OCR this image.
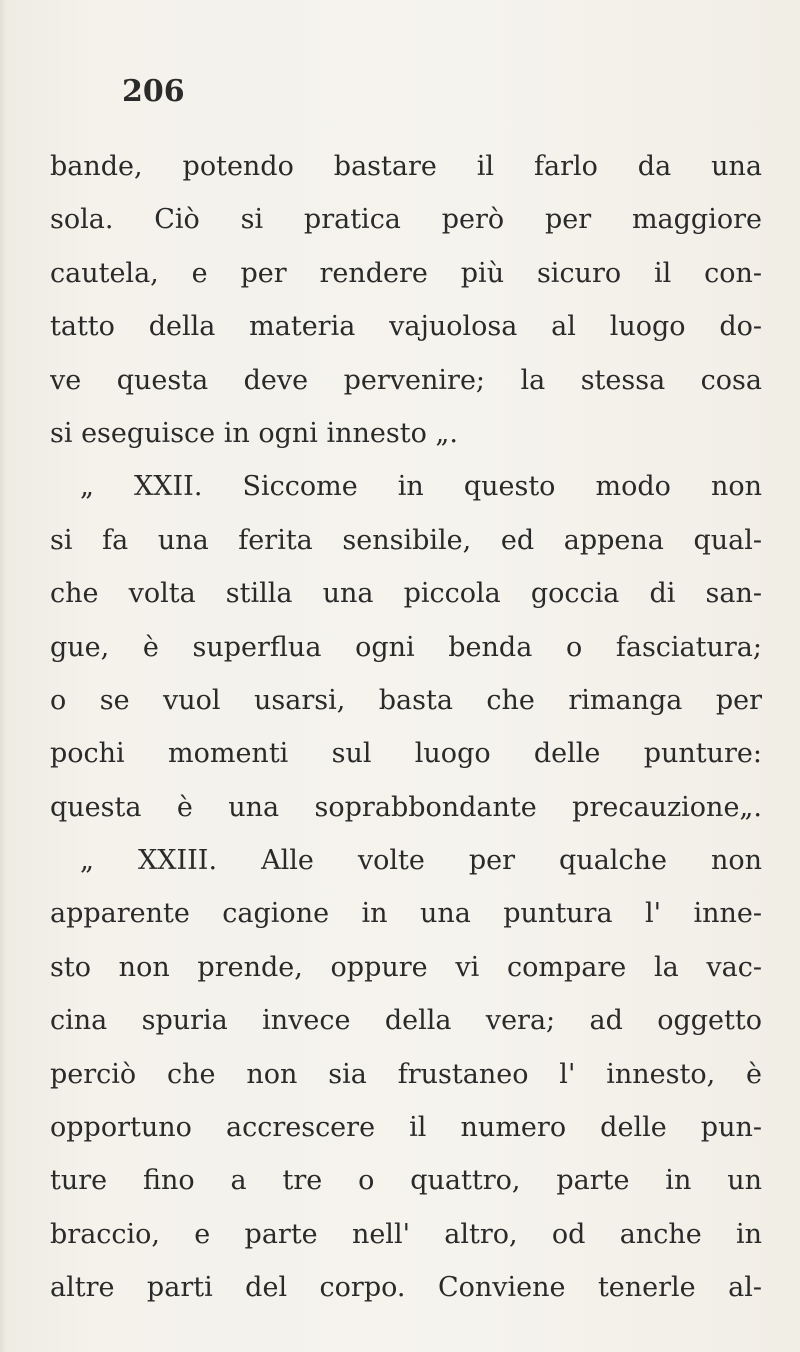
206
bande, potendo bastare il farlo da una
sola. Ciò si pratica però per maggiore
cautela, e per rendere più sicuro il con-
tatto della materia vajuolosa al luogo do-
ve questa deve pervenire; la stessa cosa
si eseguisce in ogni innesto „.
„ XXII. Siccome in questo modo non
si fa una ferita sensibile, ed appena qual-
che volta stilla una piccola goccia di san-
gue, è superflua ogni benda o fasciatura;
o se vuol usarsi, basta che rimanga per
pochi momenti sul luogo delle punture:
questa è una soprabbondante precauzione„.
„ XXIII. Alle volte per qualche non
apparente cagione in una puntura l' inne-
sto non prende, oppure vi compare la vac-
cina spuria invece della vera; ad oggetto
perciò che non sia frustaneo l' innesto, è
opportuno accrescere il numero delle pun-
ture fino a tre o quattro, parte in un
braccio, e parte nell' altro, od anche in
altre parti del corpo. Conviene tenerle al-
